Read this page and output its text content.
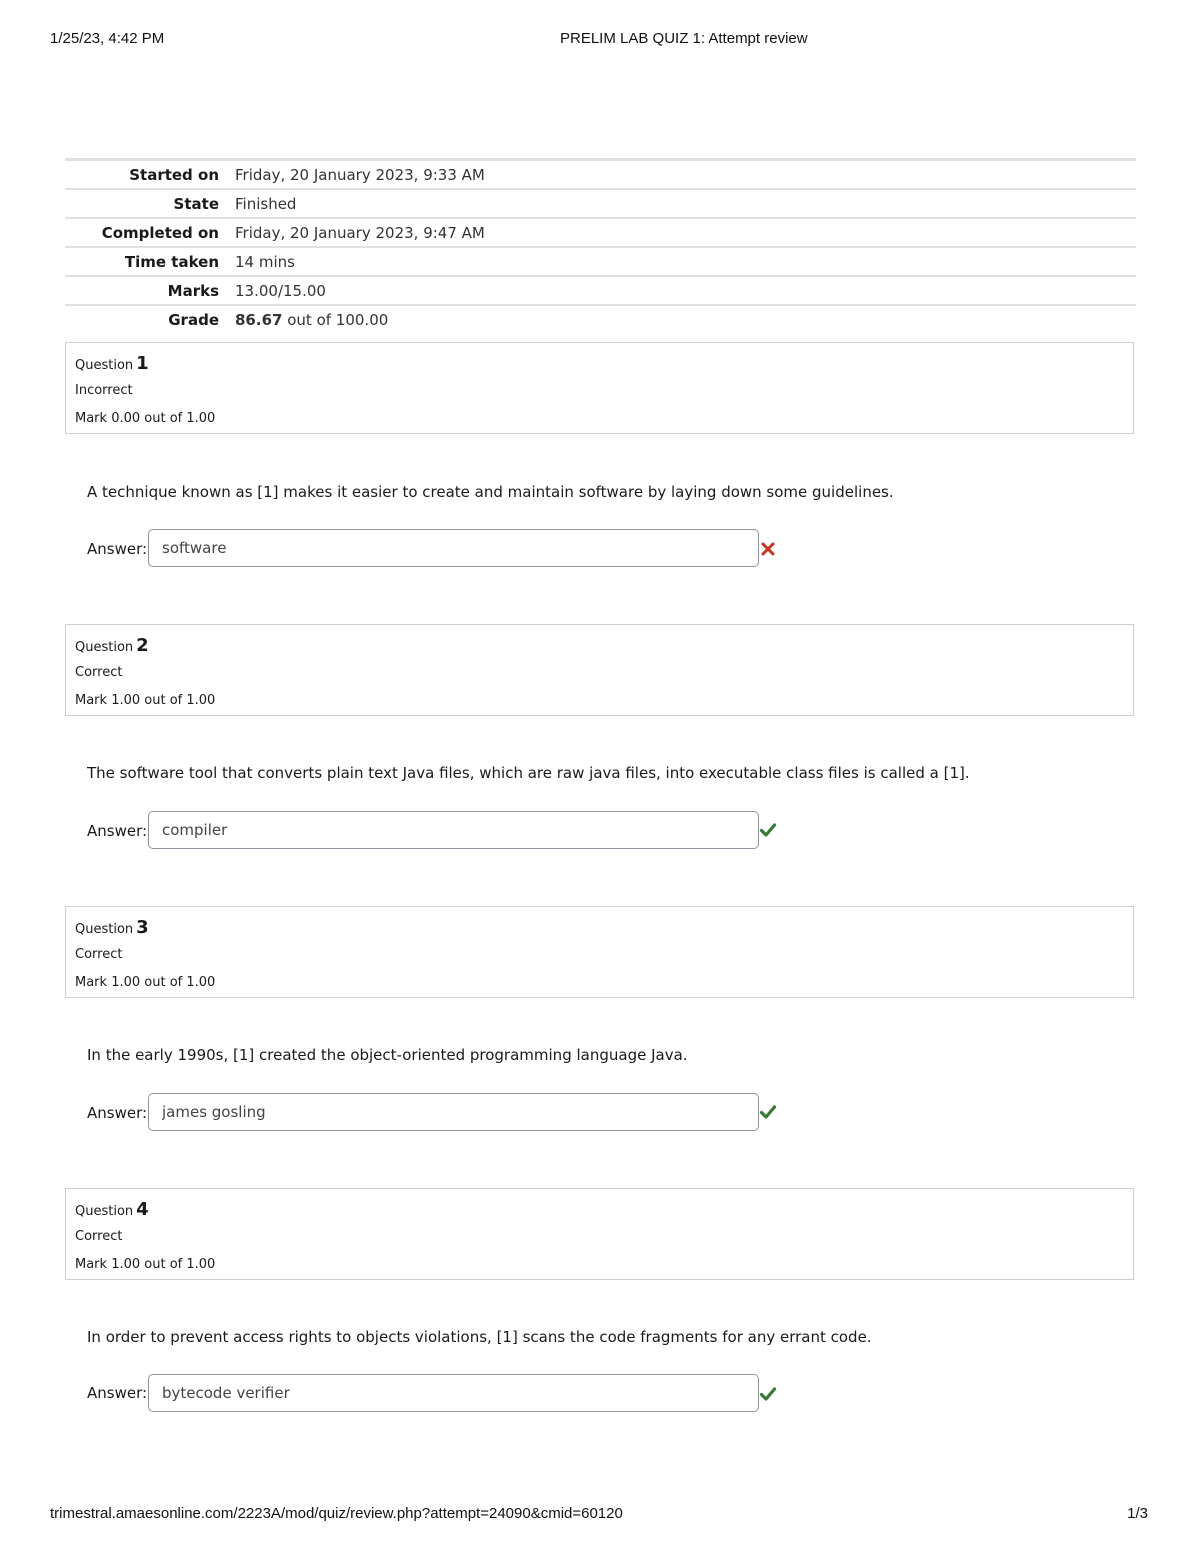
1/25/23, 4:42 PM	PRELIM LAB QUIZ 1: Attempt review
Started on	Friday, 20 January 2023, 9:33 AM
State	Finished
Completed on	Friday, 20 January 2023, 9:47 AM
Time taken	14 mins
Marks	13.00/15.00
Grade	86.67 out of 100.00
Question 1
Incorrect
Mark 0.00 out of 1.00
A technique known as [1] makes it easier to create and maintain software by laying down some guidelines.
Answer:
software
Question 2
Correct
Mark 1.00 out of 1.00
The software tool that converts plain text Java files, which are raw java files, into executable class files is called a [1].
Answer:
compiler
Question 3
Correct
Mark 1.00 out of 1.00
In the early 1990s, [1] created the object-oriented programming language Java.
Answer:
james gosling
Question 4
Correct
Mark 1.00 out of 1.00
In order to prevent access rights to objects violations, [1] scans the code fragments for any errant code.
Answer:
bytecode verifier
trimestral.amaesonline.com/2223A/mod/quiz/review.php?attempt=24090&cmid=60120	1/3
